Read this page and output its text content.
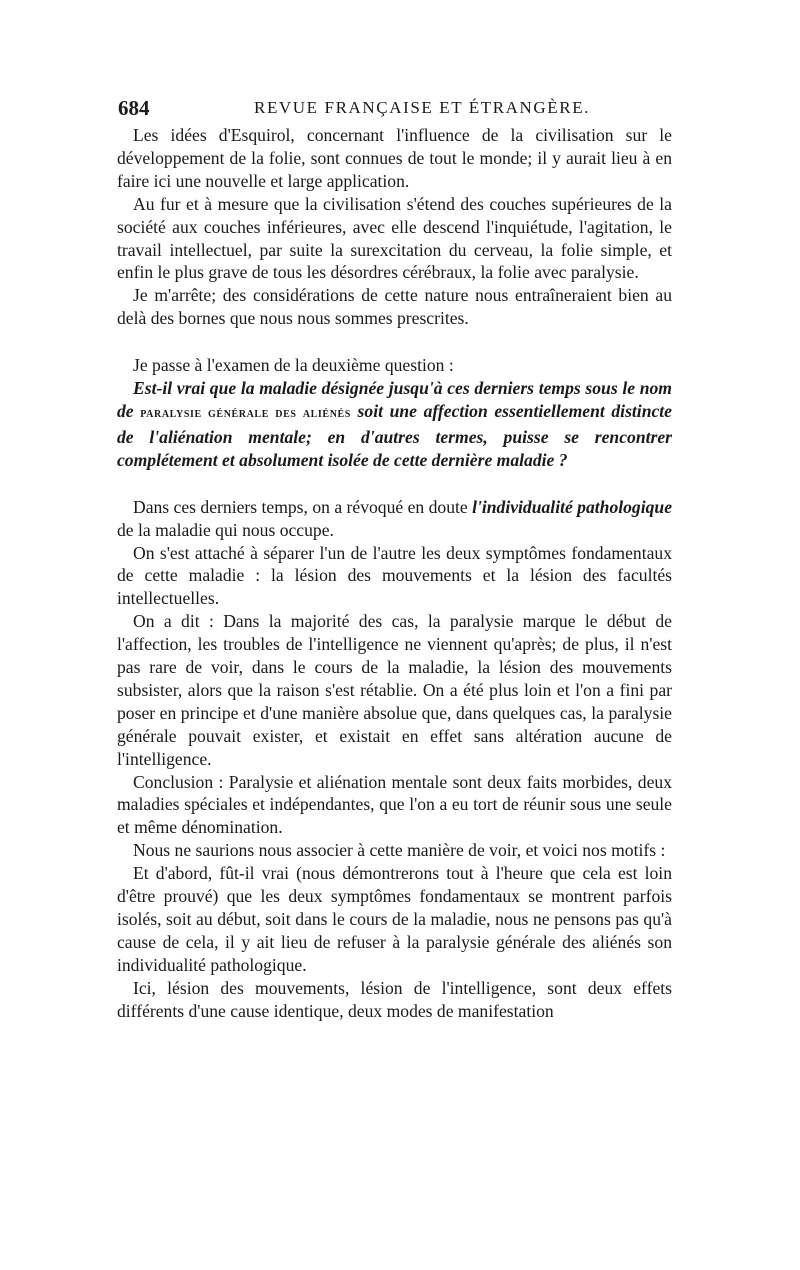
684	REVUE FRANÇAISE ET ÉTRANGÈRE.

Les idées d'Esquirol, concernant l'influence de la civilisation sur le développement de la folie, sont connues de tout le monde; il y aurait lieu à en faire ici une nouvelle et large application.

Au fur et à mesure que la civilisation s'étend des couches supérieures de la société aux couches inférieures, avec elle descend l'inquiétude, l'agitation, le travail intellectuel, par suite la surexcitation du cerveau, la folie simple, et enfin le plus grave de tous les désordres cérébraux, la folie avec paralysie.

Je m'arrête; des considérations de cette nature nous entraîneraient bien au delà des bornes que nous nous sommes prescrites.

Je passe à l'examen de la deuxième question :

Est-il vrai que la maladie désignée jusqu'à ces derniers temps sous le nom de paralysie générale des aliénés soit une affection essentiellement distincte de l'aliénation mentale; en d'autres termes, puisse se rencontrer complétement et absolument isolée de cette dernière maladie ?

Dans ces derniers temps, on a révoqué en doute l'individualité pathologique de la maladie qui nous occupe.

On s'est attaché à séparer l'un de l'autre les deux symptômes fondamentaux de cette maladie : la lésion des mouvements et la lésion des facultés intellectuelles.

On a dit : Dans la majorité des cas, la paralysie marque le début de l'affection, les troubles de l'intelligence ne viennent qu'après; de plus, il n'est pas rare de voir, dans le cours de la maladie, la lésion des mouvements subsister, alors que la raison s'est rétablie. On a été plus loin et l'on a fini par poser en principe et d'une manière absolue que, dans quelques cas, la paralysie générale pouvait exister, et existait en effet sans altération aucune de l'intelligence.

Conclusion : Paralysie et aliénation mentale sont deux faits morbides, deux maladies spéciales et indépendantes, que l'on a eu tort de réunir sous une seule et même dénomination.

Nous ne saurions nous associer à cette manière de voir, et voici nos motifs :

Et d'abord, fût-il vrai (nous démontrerons tout à l'heure que cela est loin d'être prouvé) que les deux symptômes fondamentaux se montrent parfois isolés, soit au début, soit dans le cours de la maladie, nous ne pensons pas qu'à cause de cela, il y ait lieu de refuser à la paralysie générale des aliénés son individualité pathologique.

Ici, lésion des mouvements, lésion de l'intelligence, sont deux effets différents d'une cause identique, deux modes de manifestation
